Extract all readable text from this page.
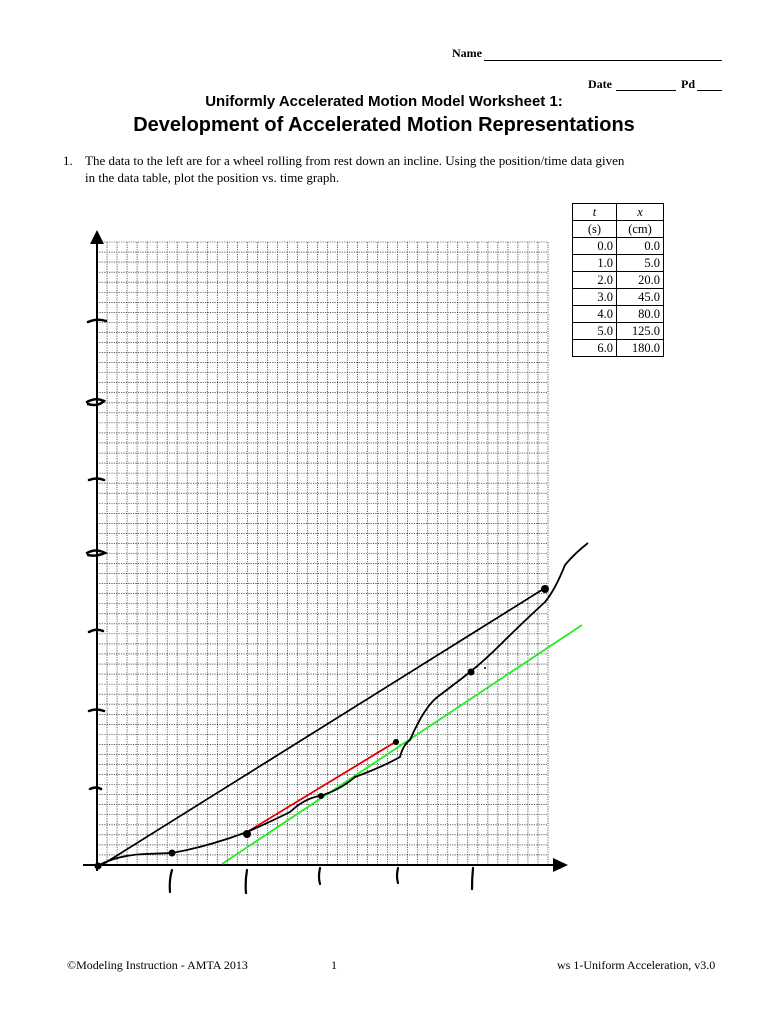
Name
Date	Pd
Uniformly Accelerated Motion Model Worksheet 1:
Development of Accelerated Motion Representations
1. The data to the left are for a wheel rolling from rest down an incline. Using the position/time data given
in the data table, plot the position vs. time graph.
t	x
(s)	(cm)
0.0	0.0
1.0	5.0
2.0	20.0
3.0	45.0
4.0	80.0
5.0	125.0
6.0	180.0
©Modeling Instruction - AMTA 2013	1	ws 1-Uniform Acceleration, v3.0
